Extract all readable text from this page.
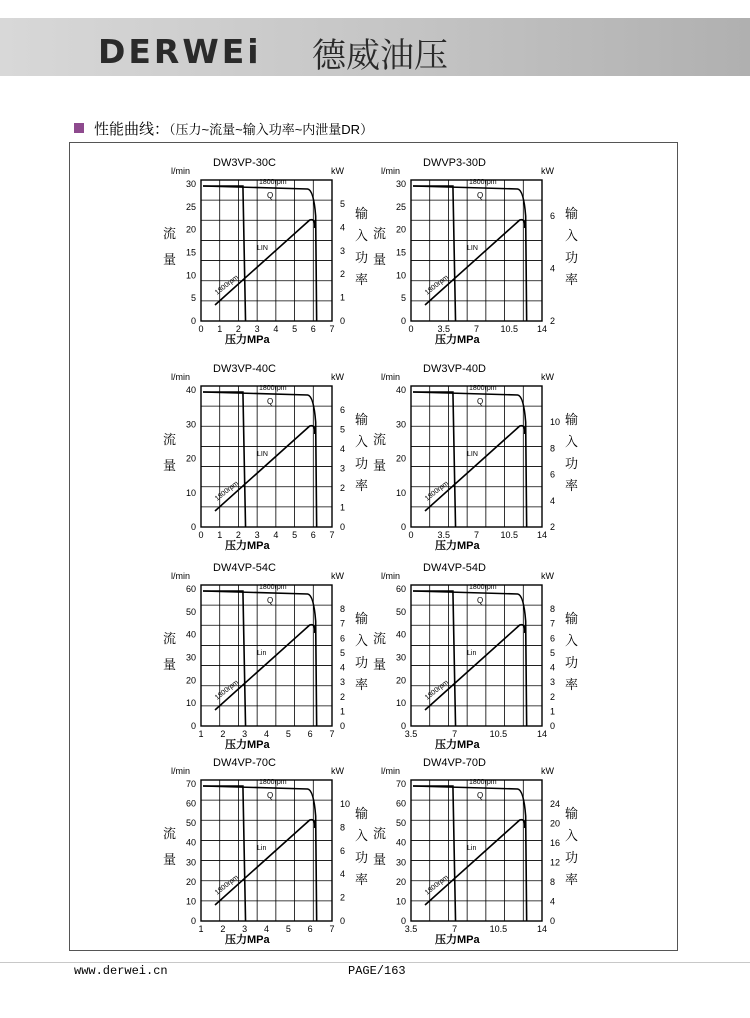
DERWEi 德威油压
性能曲线：（压力~流量~输入功率~内泄量DR）
DW3VP-30C
l/min	kW
30
25
20
15
10
5
0
5
4
3
2
1
0
0 1 2 3 4 5 6 7
压力MPa
流
量
输
入
功
率
1800rpm
Q
LIN
1800rpm
DWVP3-30D
l/min	kW
30
25
20
15
10
5
0
6
4
2
0	3.5	7 10.5 14
压力MPa
流
量
输
入
功
率
1800rpm
Q
LIN
1800rpm
DW3VP-40C
l/min	kW
40
30
20
10
0
6
5
4
3
2
1
0
0 1 2 3 4 5 6 7
压力MPa
流
量
输
入
功
率
1800rpm
Q
LIN
1800rpm
DW3VP-40D
l/min	kW
40
30
20
10
0
10
8
6
4
2
0	3.5	7 10.5 14
压力MPa
流
量
输
入
功
率
1800rpm
Q
LIN
1800rpm
DW4VP-54C
l/min	kW
60
50
40
30
20
10
0
8
7
6
5
4
3
2
1
0
1 2 3 4 5 6 7
压力MPa
流
量
输
入
功
率
1800rpm
Q
Lin
1800rpm
DW4VP-54D
l/min	kW
60
50
40
30
20
10
0
8
7
6
5
4
3
2
1
0
3.5	7	10.5	14
压力MPa
流
量
输
入
功
率
1800rpm
Q
Lin
1800rpm
DW4VP-70C
l/min	kW
70
60
50
40
30
20
10
0
10
8
6
4
2
0
1 2 3 4 5 6 7
压力MPa
流
量
输
入
功
率
1800rpm
Q
Lin
1800rpm
DW4VP-70D
l/min	kW
70
60
50
40
30
20
10
0
24
20
16
12
8
4
0
3.5	7	10.5	14
压力MPa
流
量
输
入
功
率
1800rpm
Q
Lin
1800rpm
www.derwei.cn	PAGE/163
